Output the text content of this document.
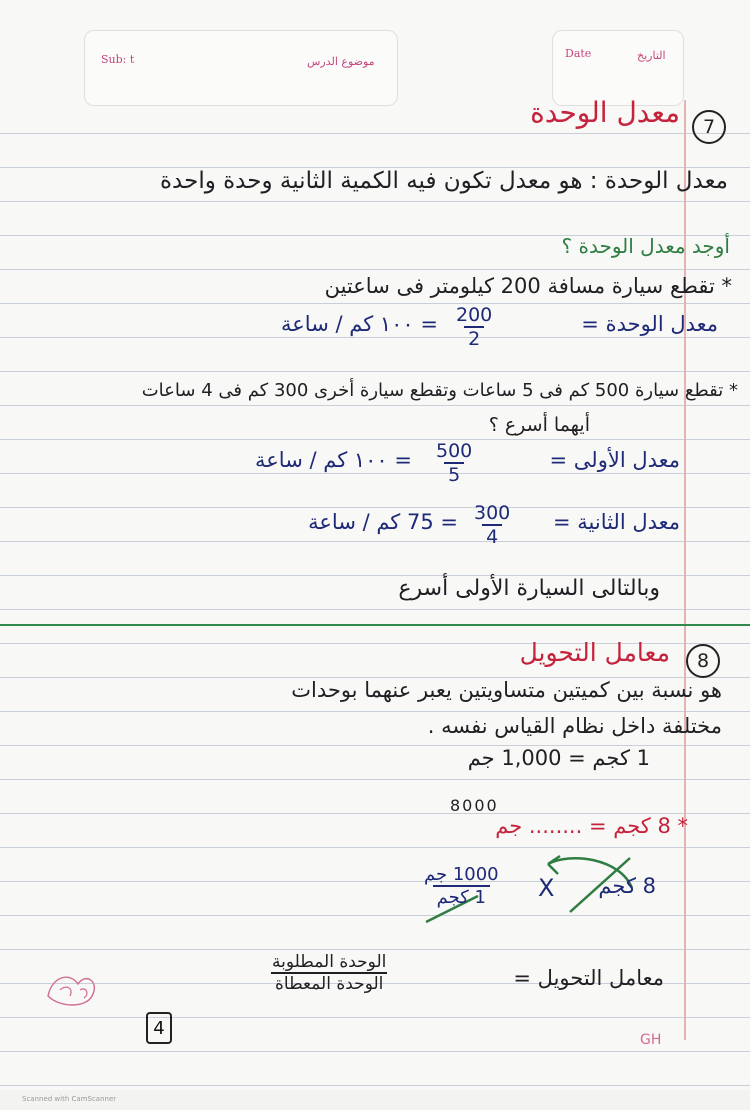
Sub: t	موضوع الدرس
Date	التاريخ
7
معدل الوحدة
معدل الوحدة : هو معدل تكون فيه الكمية الثانية وحدة واحدة
أوجد معدل الوحدة ؟
* تقطع سيارة مسافة 200 كيلومتر فى ساعتين
معدل الوحدة =
$\frac{200}{2}$
= ١٠٠ كم / ساعة
* تقطع سيارة 500 كم فى 5 ساعات وتقطع سيارة أخرى 300 كم فى 4 ساعات
أيهما أسرع ؟
معدل الأولى =
$\frac{500}{5}$
= ١٠٠ كم / ساعة
معدل الثانية =
$\frac{300}{4}$
= 75 كم / ساعة
وبالتالى السيارة الأولى أسرع
8
معامل التحويل
هو نسبة بين كميتين متساويتين يعبر عنهما بوحدات
مختلفة داخل نظام القياس نفسه .
1 كجم = 1,000 جم
8000
* 8 كجم = ........ جم
8 كجم
X
1000 جم
1 كجم
معامل التحويل =
الوحدة المطلوبة
الوحدة المعطاة
4
GH
Scanned with CamScanner
